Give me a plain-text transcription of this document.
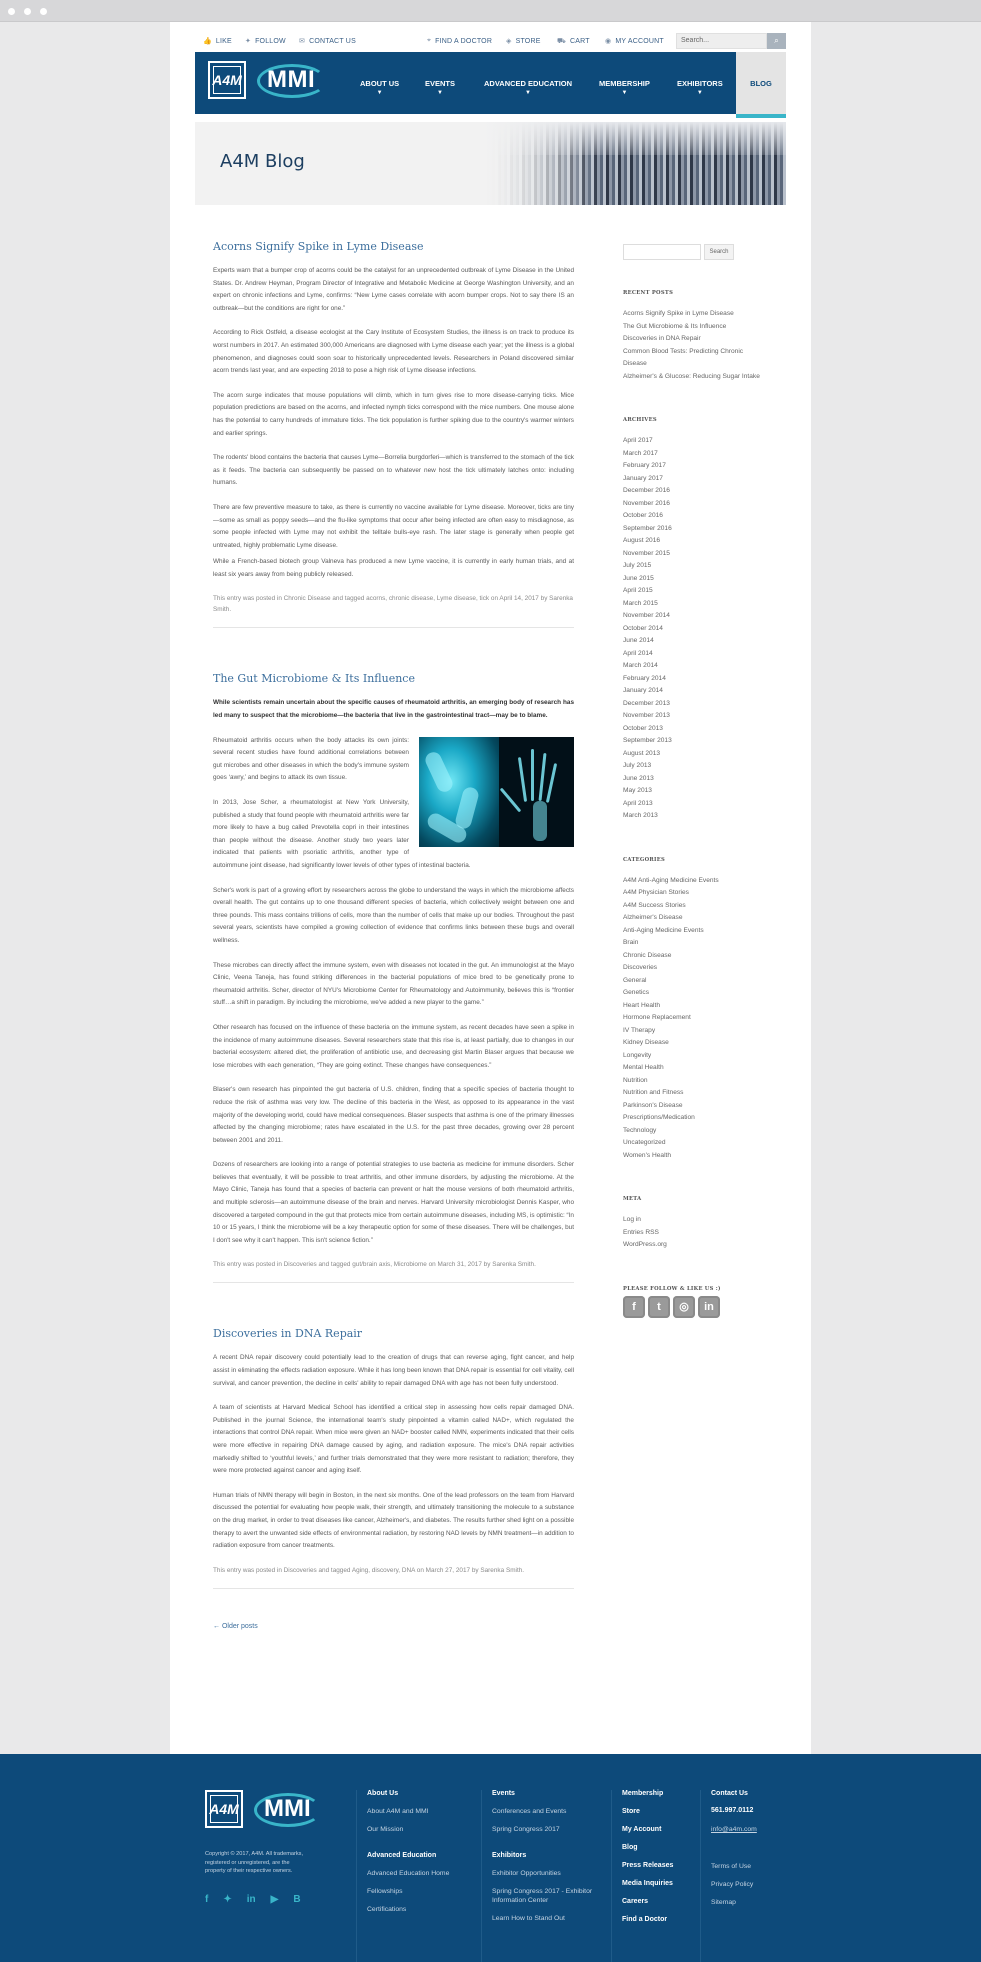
👍 LIKE ✦ FOLLOW ✉ CONTACT US	⌖ FIND A DOCTOR ◈ STORE ⛟ CART ◉ MY ACCOUNT	Search...	⌕
A4M MMI	ABOUT US
▼
EVENTS
▼
ADVANCED EDUCATION
▼
MEMBERSHIP
▼
EXHIBITORS
▼
BLOG
A4M Blog
Acorns Signify Spike in Lyme Disease

Experts warn that a bumper crop of acorns could be the catalyst for an unprecedented outbreak of Lyme Disease in the United States. Dr. Andrew Heyman, Program Director of Integrative and Metabolic Medicine at George Washington University, and an expert on chronic infections and Lyme, confirms: “New Lyme cases correlate with acorn bumper crops. Not to say there IS an outbreak—but the conditions are right for one.”

According to Rick Ostfeld, a disease ecologist at the Cary Institute of Ecosystem Studies, the illness is on track to produce its worst numbers in 2017. An estimated 300,000 Americans are diagnosed with Lyme disease each year; yet the illness is a global phenomenon, and diagnoses could soon soar to historically unprecedented levels. Researchers in Poland discovered similar acorn trends last year, and are expecting 2018 to pose a high risk of Lyme disease infections.

The acorn surge indicates that mouse populations will climb, which in turn gives rise to more disease-carrying ticks. Mice population predictions are based on the acorns, and infected nymph ticks correspond with the mice numbers. One mouse alone has the potential to carry hundreds of immature ticks. The tick population is further spiking due to the country's warmer winters and earlier springs.

The rodents' blood contains the bacteria that causes Lyme—Borrelia burgdorferi—which is transferred to the stomach of the tick as it feeds. The bacteria can subsequently be passed on to whatever new host the tick ultimately latches onto: including humans.

There are few preventive measure to take, as there is currently no vaccine available for Lyme disease. Moreover, ticks are tiny—some as small as poppy seeds—and the flu-like symptoms that occur after being infected are often easy to misdiagnose, as some people infected with Lyme may not exhibit the telltale bulls-eye rash. The later stage is generally when people get untreated, highly problematic Lyme disease.

While a French-based biotech group Valneva has produced a new Lyme vaccine, it is currently in early human trials, and at least six years away from being publicly released.

This entry was posted in Chronic Disease and tagged acorns, chronic disease, Lyme disease, tick on April 14, 2017 by Sarenka Smith.
The Gut Microbiome & Its Influence

While scientists remain uncertain about the specific causes of rheumatoid arthritis, an emerging body of research has led many to suspect that the microbiome—the bacteria that live in the gastrointestinal tract—may be to blame.

Rheumatoid arthritis occurs when the body attacks its own joints: several recent studies have found additional correlations between gut microbes and other diseases in which the body's immune system goes ‘awry,’ and begins to attack its own tissue.

In 2013, Jose Scher, a rheumatologist at New York University, published a study that found people with rheumatoid arthritis were far more likely to have a bug called Prevotella copri in their intestines than people without the disease. Another study two years later indicated that patients with psoriatic arthritis, another type of autoimmune joint disease, had significantly lower levels of other types of intestinal bacteria.

Scher's work is part of a growing effort by researchers across the globe to understand the ways in which the microbiome affects overall health. The gut contains up to one thousand different species of bacteria, which collectively weight between one and three pounds. This mass contains trillions of cells, more than the number of cells that make up our bodies. Throughout the past several years, scientists have compiled a growing collection of evidence that confirms links between these bugs and overall wellness.

These microbes can directly affect the immune system, even with diseases not located in the gut. An immunologist at the Mayo Clinic, Veena Taneja, has found striking differences in the bacterial populations of mice bred to be genetically prone to rheumatoid arthritis. Scher, director of NYU's Microbiome Center for Rheumatology and Autoimmunity, believes this is “frontier stuff…a shift in paradigm. By including the microbiome, we've added a new player to the game.”

Other research has focused on the influence of these bacteria on the immune system, as recent decades have seen a spike in the incidence of many autoimmune diseases. Several researchers state that this rise is, at least partially, due to changes in our bacterial ecosystem: altered diet, the proliferation of antibiotic use, and decreasing gist Martin Blaser argues that because we lose microbes with each generation, “They are going extinct. These changes have consequences.”

Blaser's own research has pinpointed the gut bacteria of U.S. children, finding that a specific species of bacteria thought to reduce the risk of asthma was very low. The decline of this bacteria in the West, as opposed to its appearance in the vast majority of the developing world, could have medical consequences. Blaser suspects that asthma is one of the primary illnesses affected by the changing microbiome; rates have escalated in the U.S. for the past three decades, growing over 28 percent between 2001 and 2011.

Dozens of researchers are looking into a range of potential strategies to use bacteria as medicine for immune disorders. Scher believes that eventually, it will be possible to treat arthritis, and other immune disorders, by adjusting the microbiome. At the Mayo Clinic, Taneja has found that a species of bacteria can prevent or halt the mouse versions of both rheumatoid arthritis, and multiple sclerosis—an autoimmune disease of the brain and nerves. Harvard University microbiologist Dennis Kasper, who discovered a targeted compound in the gut that protects mice from certain autoimmune diseases, including MS, is optimistic: “In 10 or 15 years, I think the microbiome will be a key therapeutic option for some of these diseases. There will be challenges, but I don't see why it can't happen. This isn't science fiction.”

This entry was posted in Discoveries and tagged gut/brain axis, Microbiome on March 31, 2017 by Sarenka Smith.
Discoveries in DNA Repair

A recent DNA repair discovery could potentially lead to the creation of drugs that can reverse aging, fight cancer, and help assist in eliminating the effects radiation exposure. While it has long been known that DNA repair is essential for cell vitality, cell survival, and cancer prevention, the decline in cells' ability to repair damaged DNA with age has not been fully understood.

A team of scientists at Harvard Medical School has identified a critical step in assessing how cells repair damaged DNA. Published in the journal Science, the international team's study pinpointed a vitamin called NAD+, which regulated the interactions that control DNA repair. When mice were given an NAD+ booster called NMN, experiments indicated that their cells were more effective in repairing DNA damage caused by aging, and radiation exposure. The mice's DNA repair activities markedly shifted to ‘youthful levels,’ and further trials demonstrated that they were more resistant to radiation; therefore, they were more protected against cancer and aging itself.

Human trials of NMN therapy will begin in Boston, in the next six months. One of the lead professors on the team from Harvard discussed the potential for evaluating how people walk, their strength, and ultimately transitioning the molecule to a substance on the drug market, in order to treat diseases like cancer, Alzheimer's, and diabetes. The results further shed light on a possible therapy to avert the unwanted side effects of environmental radiation, by restoring NAD levels by NMN treatment—in addition to radiation exposure from cancer treatments.

This entry was posted in Discoveries and tagged Aging, discovery, DNA on March 27, 2017 by Sarenka Smith.
← Older posts
Search
RECENT POSTS
Acorns Signify Spike in Lyme Disease
The Gut Microbiome & Its Influence
Discoveries in DNA Repair
Common Blood Tests: Predicting Chronic Disease
Alzheimer's & Glucose: Reducing Sugar Intake
ARCHIVES
April 2017
March 2017
February 2017
January 2017
December 2016
November 2016
October 2016
September 2016
August 2016
November 2015
July 2015
June 2015
April 2015
March 2015
November 2014
October 2014
June 2014
April 2014
March 2014
February 2014
January 2014
December 2013
November 2013
October 2013
September 2013
August 2013
July 2013
June 2013
May 2013
April 2013
March 2013
CATEGORIES
A4M Anti-Aging Medicine Events
A4M Physician Stories
A4M Success Stories
Alzheimer's Disease
Anti-Aging Medicine Events
Brain
Chronic Disease
Discoveries
General
Genetics
Heart Health
Hormone Replacement
IV Therapy
Kidney Disease
Longevity
Mental Health
Nutrition
Nutrition and Fitness
Parkinson's Disease
Prescriptions/Medication
Technology
Uncategorized
Women's Health
META
Log in
Entries RSS
WordPress.org
PLEASE FOLLOW & LIKE US :)
f	t	◎	in
A4M MMI
Copyright © 2017, A4M. All trademarks, registered or unregistered, are the property of their respective owners.
f ✦ in ▶ B
About Us
About A4M and MMI
Our Mission
Advanced Education
Advanced Education Home
Fellowships
Certifications
Events
Conferences and Events
Spring Congress 2017
Exhibitors
Exhibitor Opportunities
Spring Congress 2017 - Exhibitor Information Center
Learn How to Stand Out
Membership
Store
My Account
Blog
Press Releases
Media Inquiries
Careers
Find a Doctor
Contact Us
561.997.0112
info@a4m.com
Terms of Use
Privacy Policy
Sitemap
